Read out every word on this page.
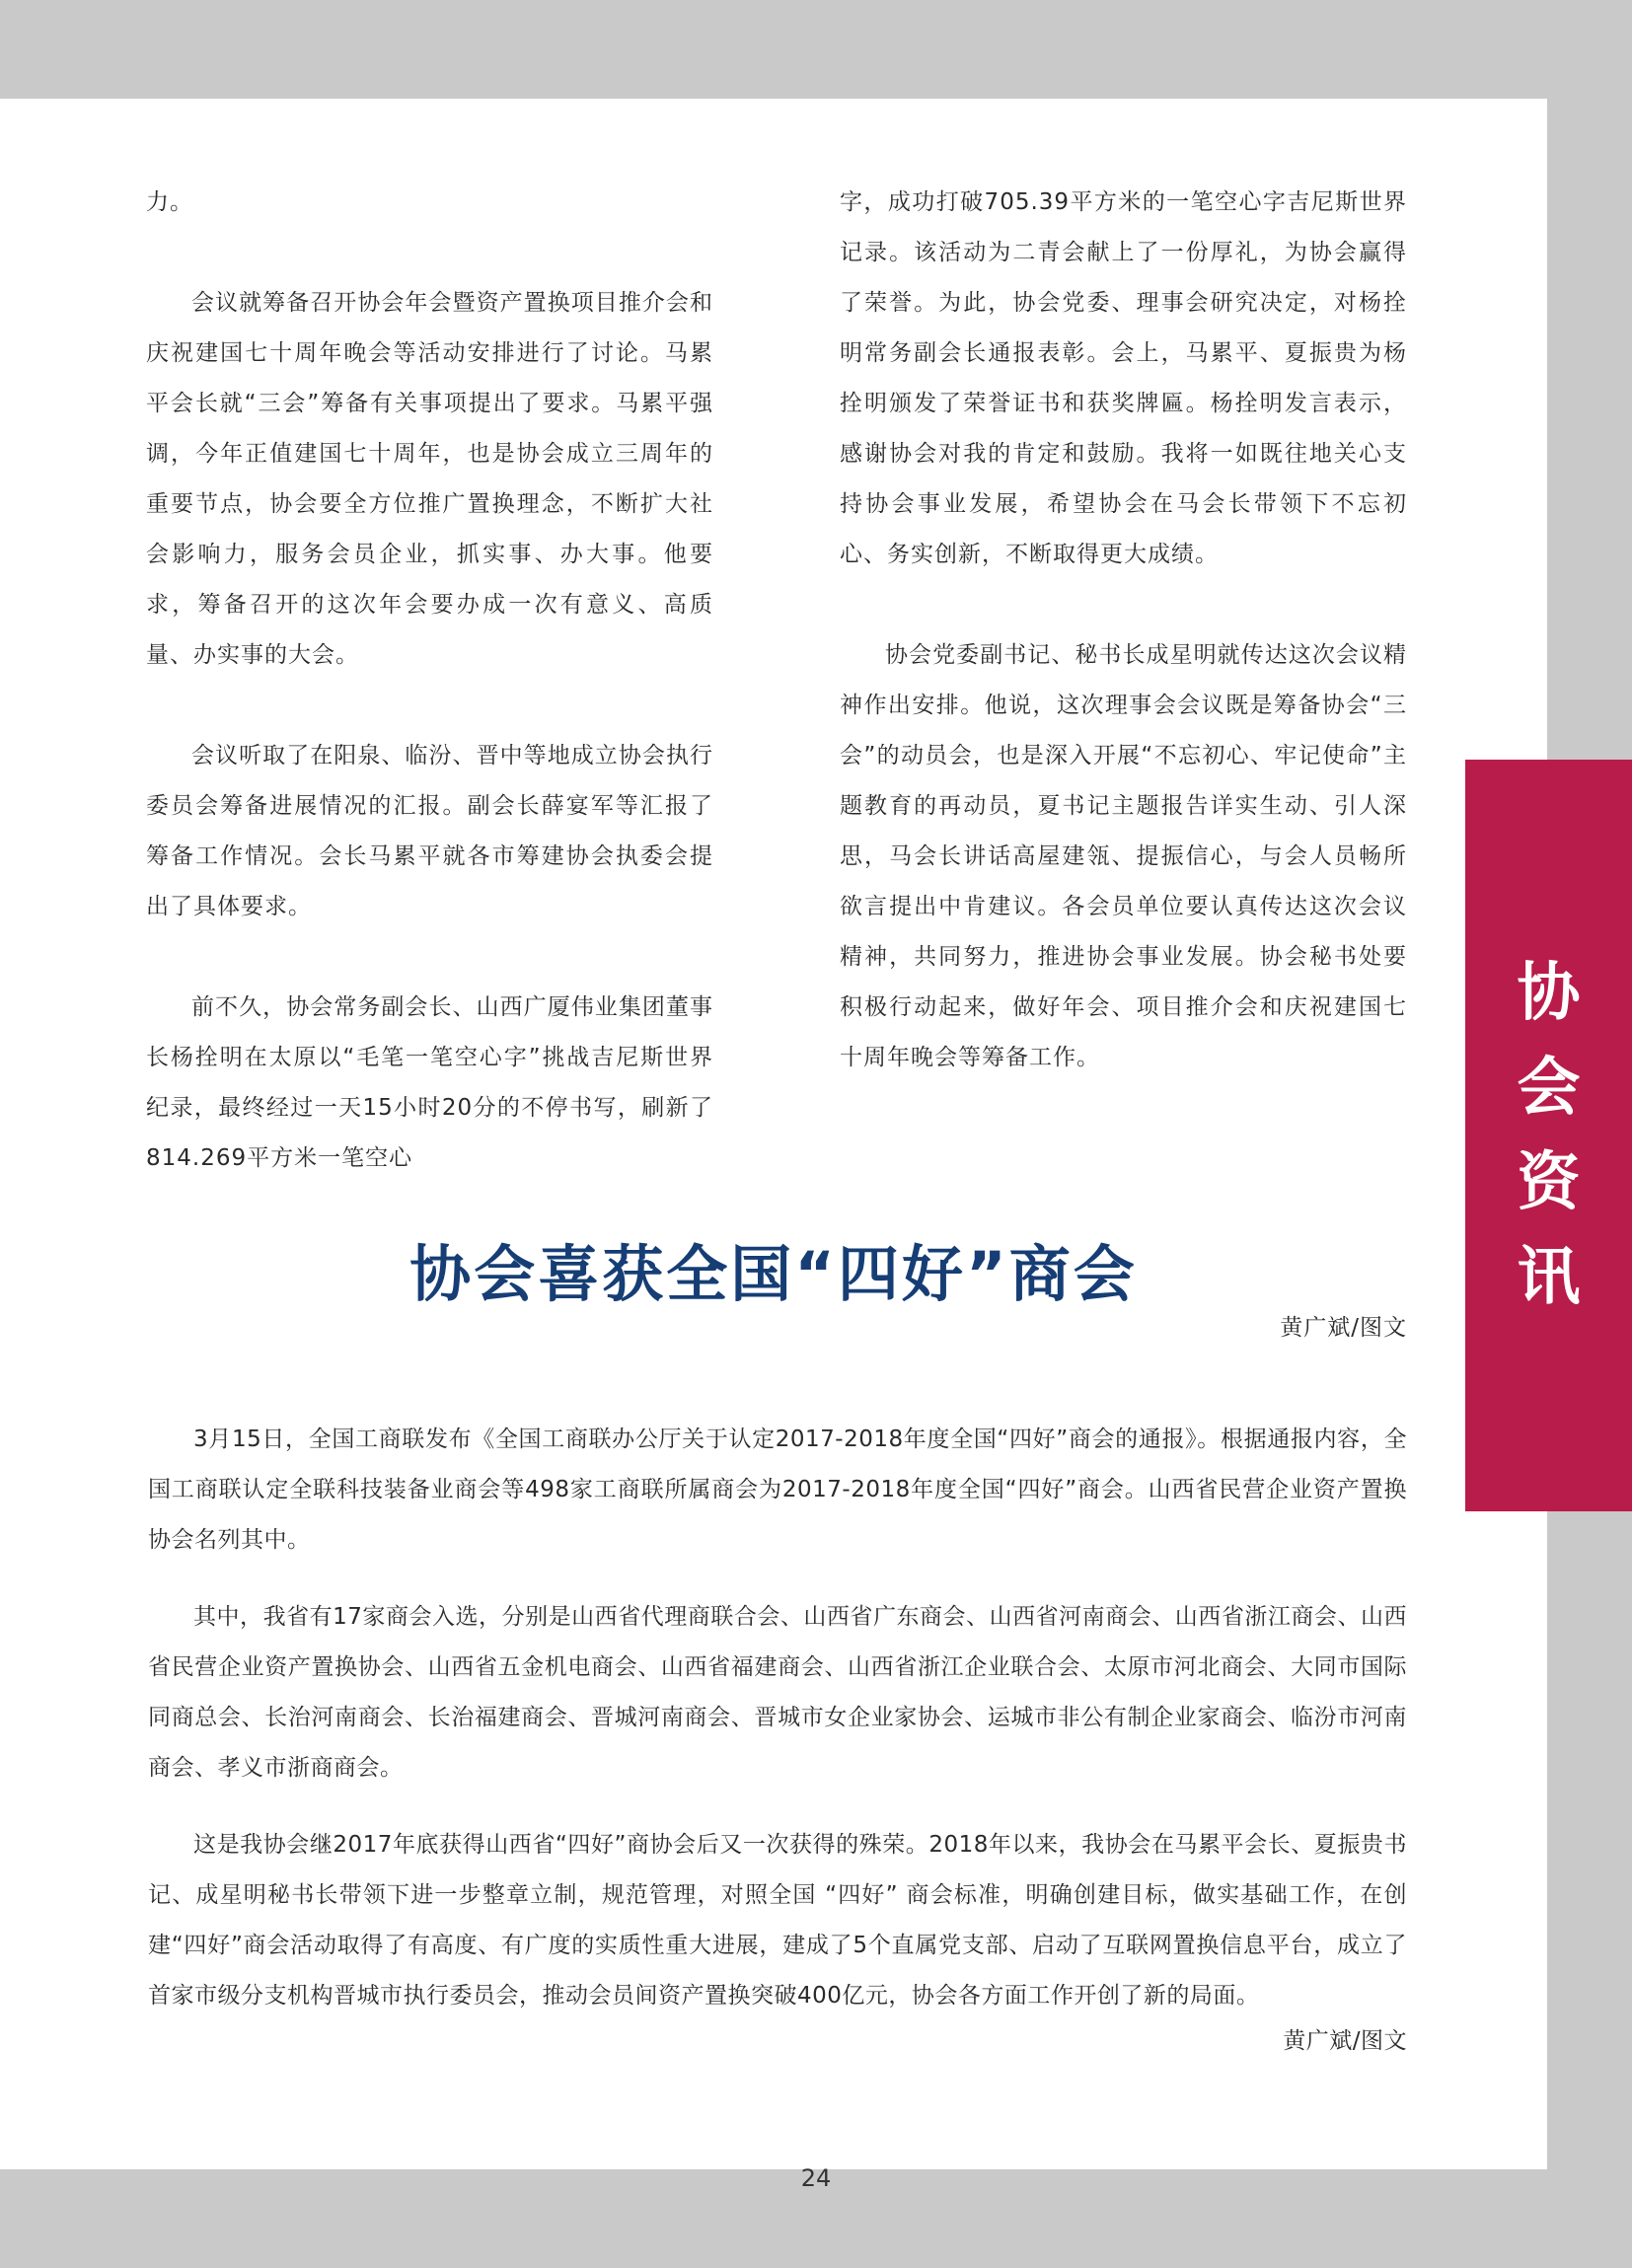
力。

会议就筹备召开协会年会暨资产置换项目推介会和庆祝建国七十周年晚会等活动安排进行了讨论。马累平会长就“三会”筹备有关事项提出了要求。马累平强调，今年正值建国七十周年，也是协会成立三周年的重要节点，协会要全方位推广置换理念，不断扩大社会影响力，服务会员企业，抓实事、办大事。他要求，筹备召开的这次年会要办成一次有意义、高质量、办实事的大会。

会议听取了在阳泉、临汾、晋中等地成立协会执行委员会筹备进展情况的汇报。副会长薛宴军等汇报了筹备工作情况。会长马累平就各市筹建协会执委会提出了具体要求。

前不久，协会常务副会长、山西广厦伟业集团董事长杨拴明在太原以“毛笔一笔空心字”挑战吉尼斯世界纪录，最终经过一天15小时20分的不停书写，刷新了814.269平方米一笔空心

字，成功打破705.39平方米的一笔空心字吉尼斯世界记录。该活动为二青会献上了一份厚礼，为协会赢得了荣誉。为此，协会党委、理事会研究决定，对杨拴明常务副会长通报表彰。会上，马累平、夏振贵为杨拴明颁发了荣誉证书和获奖牌匾。杨拴明发言表示，感谢协会对我的肯定和鼓励。我将一如既往地关心支持协会事业发展，希望协会在马会长带领下不忘初心、务实创新，不断取得更大成绩。

协会党委副书记、秘书长成星明就传达这次会议精神作出安排。他说，这次理事会会议既是筹备协会“三会”的动员会，也是深入开展“不忘初心、牢记使命”主题教育的再动员，夏书记主题报告详实生动、引人深思，马会长讲话高屋建瓴、提振信心，与会人员畅所欲言提出中肯建议。各会员单位要认真传达这次会议精神，共同努力，推进协会事业发展。协会秘书处要积极行动起来，做好年会、项目推介会和庆祝建国七十周年晚会等筹备工作。

黄广斌/图文
协
会
资
讯
协会喜获全国“四好”商会

3月15日，全国工商联发布《全国工商联办公厅关于认定2017-2018年度全国“四好”商会的通报》。根据通报内容，全国工商联认定全联科技装备业商会等498家工商联所属商会为2017-2018年度全国“四好”商会。山西省民营企业资产置换协会名列其中。

其中，我省有17家商会入选，分别是山西省代理商联合会、山西省广东商会、山西省河南商会、山西省浙江商会、山西省民营企业资产置换协会、山西省五金机电商会、山西省福建商会、山西省浙江企业联合会、太原市河北商会、大同市国际同商总会、长治河南商会、长治福建商会、晋城河南商会、晋城市女企业家协会、运城市非公有制企业家商会、临汾市河南商会、孝义市浙商商会。

这是我协会继2017年底获得山西省“四好”商协会后又一次获得的殊荣。2018年以来，我协会在马累平会长、夏振贵书记、成星明秘书长带领下进一步整章立制，规范管理，对照全国 “四好” 商会标准，明确创建目标，做实基础工作，在创建“四好”商会活动取得了有高度、有广度的实质性重大进展，建成了5个直属党支部、启动了互联网置换信息平台，成立了首家市级分支机构晋城市执行委员会，推动会员间资产置换突破400亿元，协会各方面工作开创了新的局面。

黄广斌/图文
24
